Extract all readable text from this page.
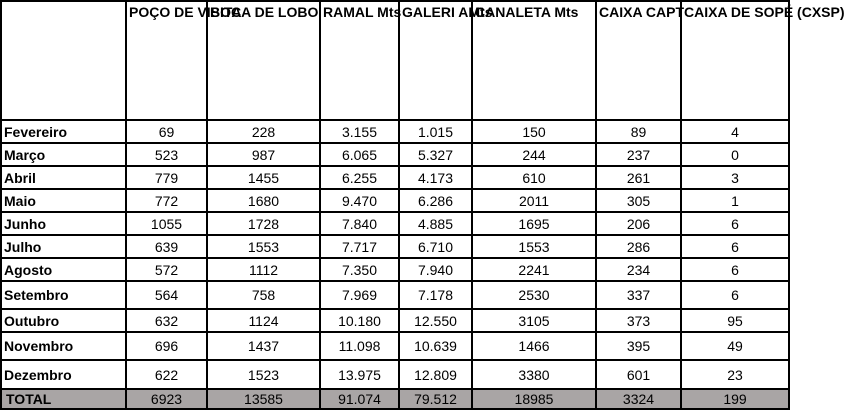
	POÇO DE VISITA	BOCA DE LOBO	RAMAL Mts	GALERI AMts	CANALETA Mts	CAIXA CAPT	CAIXA DE SOPÉ (CXSP)
Fevereiro	69	228	3.155	1.015	150	89	4
Março	523	987	6.065	5.327	244	237	0
Abril	779	1455	6.255	4.173	610	261	3
Maio	772	1680	9.470	6.286	2011	305	1
Junho	1055	1728	7.840	4.885	1695	206	6
Julho	639	1553	7.717	6.710	1553	286	6
Agosto	572	1112	7.350	7.940	2241	234	6
Setembro	564	758	7.969	7.178	2530	337	6
Outubro	632	1124	10.180	12.550	3105	373	95
Novembro	696	1437	11.098	10.639	1466	395	49
Dezembro	622	1523	13.975	12.809	3380	601	23
TOTAL	6923	13585	91.074	79.512	18985	3324	199
